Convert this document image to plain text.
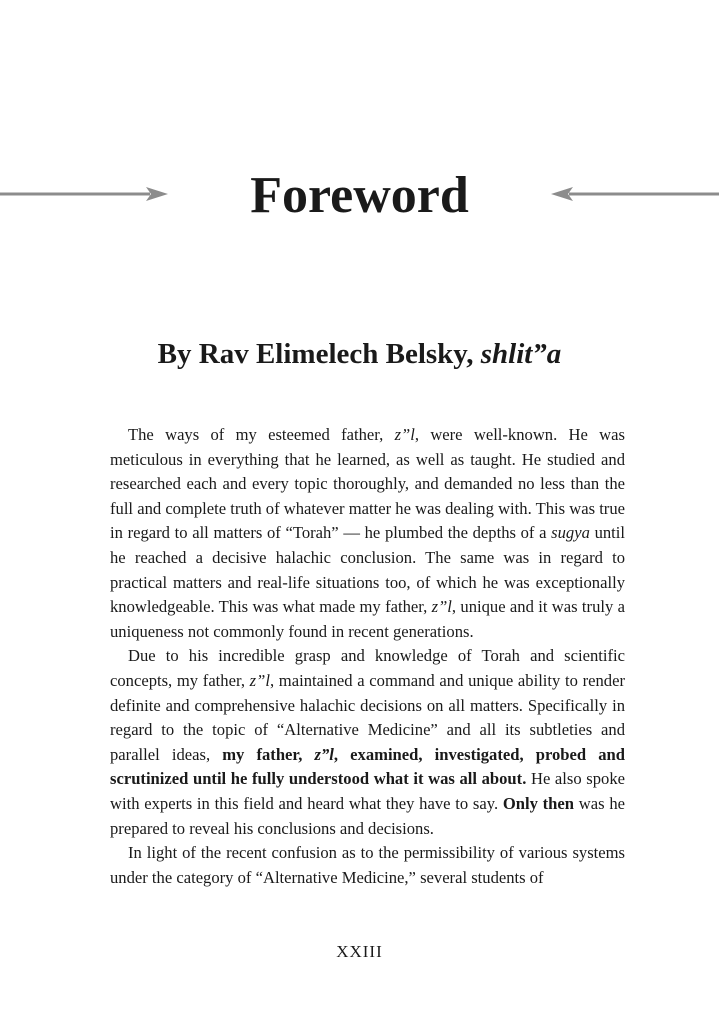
Foreword
By Rav Elimelech Belsky, shlit”a

The ways of my esteemed father, z”l, were well-known. He was meticulous in everything that he learned, as well as taught. He studied and researched each and every topic thoroughly, and demanded no less than the full and complete truth of whatever matter he was dealing with. This was true in regard to all matters of “Torah” — he plumbed the depths of a sugya until he reached a decisive halachic conclusion. The same was in regard to practical matters and real-life situations too, of which he was exceptionally knowledgeable. This was what made my father, z”l, unique and it was truly a uniqueness not commonly found in recent generations.

Due to his incredible grasp and knowledge of Torah and scientific concepts, my father, z”l, maintained a command and unique ability to render definite and comprehensive halachic decisions on all matters. Specifically in regard to the topic of “Alternative Medicine” and all its subtleties and parallel ideas, my father, z”l, examined, investigated, probed and scrutinized until he fully understood what it was all about. He also spoke with experts in this field and heard what they have to say. Only then was he prepared to reveal his conclusions and decisions.

In light of the recent confusion as to the permissibility of various systems under the category of “Alternative Medicine,” several students of

XXIII
